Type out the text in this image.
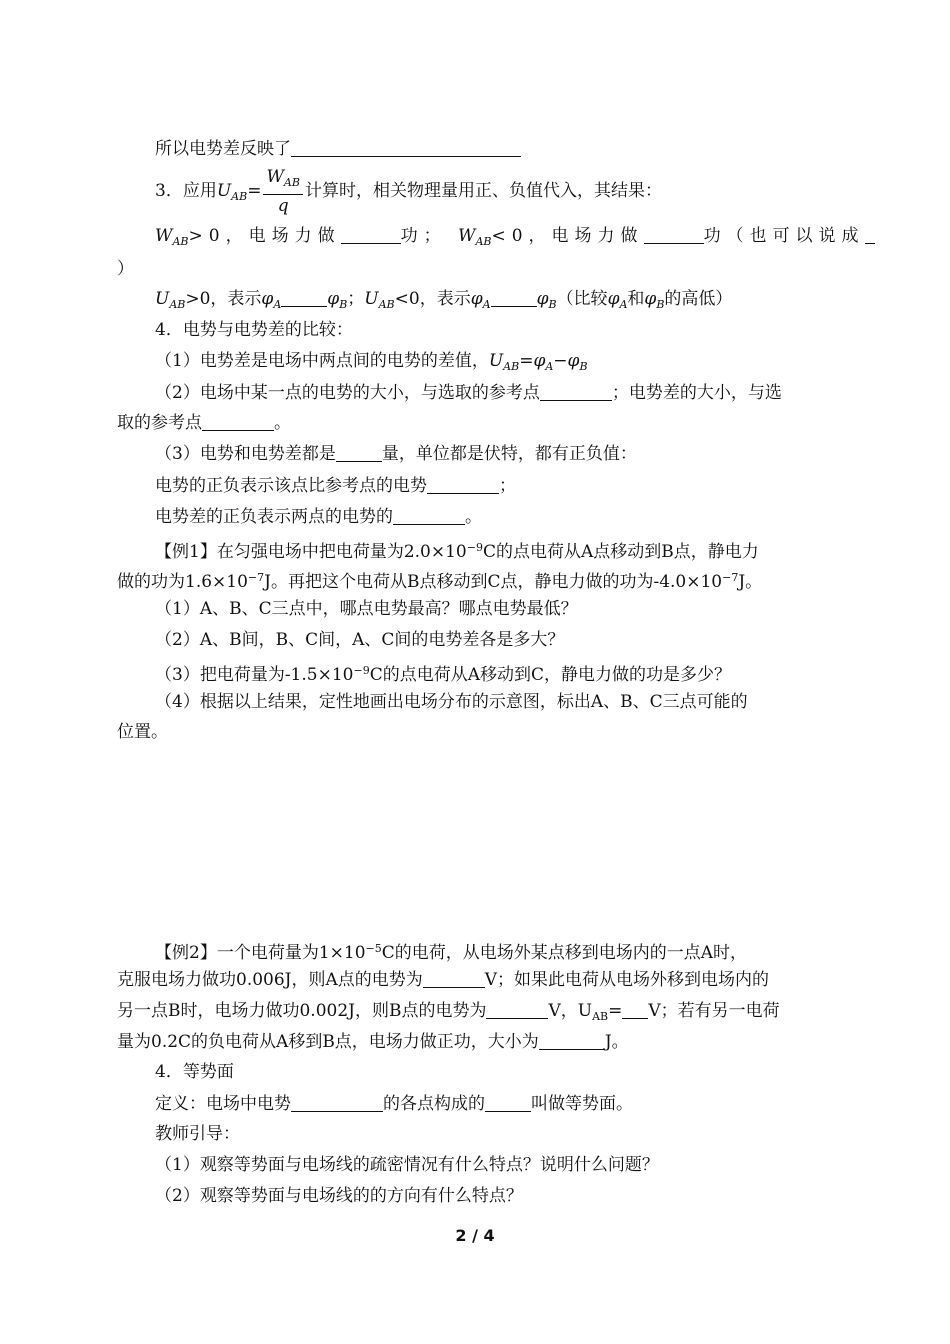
所以电势差反映了
3．应用$U_{AB}= \frac{W_{AB}}{q}$ 计算时，相关物理量用正、负值代入，其结果：
$W_{AB}>0$，电场力做	功； $W_{AB}<0$，电场力做	功（也可以说成
）
$U_{AB}>0$，表示$\varphi_A$	$\varphi_B$；$U_{AB}<0$，表示$\varphi_A$	$\varphi_B$（比较$\varphi_A$和$\varphi_B$的高低）
4．电势与电势差的比较：
（1）电势差是电场中两点间的电势的差值，$U_{AB}=\varphi_A-\varphi_B$
（2）电场中某一点的电势的大小，与选取的参考点	；电势差的大小，与选
取的参考点	。
（3）电势和电势差都是	量，单位都是伏特，都有正负值：
电势的正负表示该点比参考点的电势	；
电势差的正负表示两点的电势的	。
【例1】在匀强电场中把电荷量为$2.0\times 10^{-9}C$的点电荷从A点移动到B点，静电力
做的功为$1.6\times 10^{-7}J$。再把这个电荷从B点移动到C点，静电力做的功为$-4.0\times 10^{-7}J$。
（1）A、B、C三点中，哪点电势最高？哪点电势最低？
（2）A、B间，B、C间，A、C间的电势差各是多大？
（3）把电荷量为$-1.5\times 10^{-9}C$的点电荷从A移动到C，静电力做的功是多少？
（4）根据以上结果，定性地画出电场分布的示意图，标出A、B、C三点可能的
位置。
【例2】一个电荷量为$1\times 10^{-5}C$的电荷，从电场外某点移到电场内的一点A时，
克服电场力做功0.006J，则A点的电势为	V；如果此电荷从电场外移到电场内的
另一点B时，电场力做功0.002J，则B点的电势为	V，$U_{AB}= V$；若有另一电荷
量为0.2C的负电荷从A移到B点，电场力做正功，大小为	J。
4．等势面
定义：电场中电势	的各点构成的	叫做等势面。
教师引导：
（1）观察等势面与电场线的疏密情况有什么特点？说明什么问题？
（2）观察等势面与电场线的的方向有什么特点？
2 / 4
